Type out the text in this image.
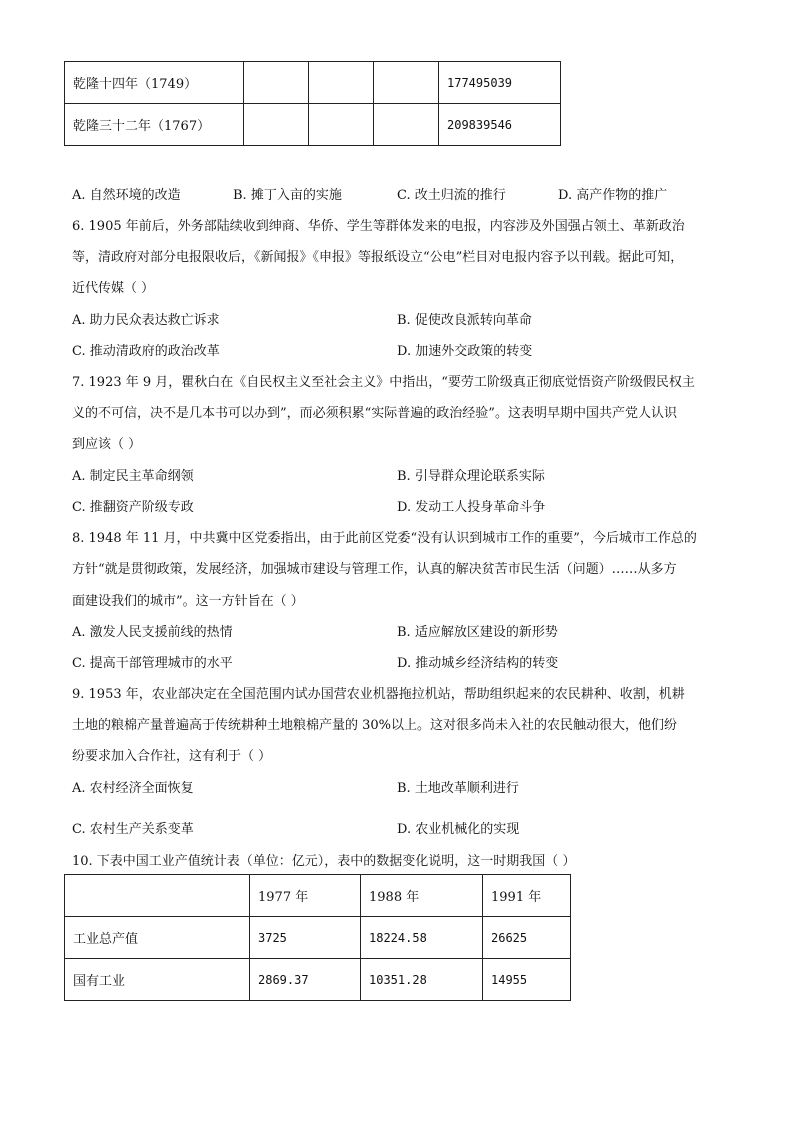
乾隆十四年（1749）				177495039
乾隆三十二年（1767）				209839546
A. 自然环境的改造	B. 摊丁入亩的实施	C. 改土归流的推行	D. 高产作物的推广
6. 1905 年前后，外务部陆续收到绅商、华侨、学生等群体发来的电报，内容涉及外国强占领土、革新政治
等，清政府对部分电报限收后，《新闻报》《申报》等报纸设立“公电”栏目对电报内容予以刊载。据此可知，
近代传媒（ ）
A. 助力民众表达救亡诉求	B. 促使改良派转向革命
C. 推动清政府的政治改革	D. 加速外交政策的转变
7. 1923 年 9 月，瞿秋白在《自民权主义至社会主义》中指出，“要劳工阶级真正彻底觉悟资产阶级假民权主
义的不可信，决不是几本书可以办到”，而必须积累“实际普遍的政治经验”。这表明早期中国共产党人认识
到应该（ ）
A. 制定民主革命纲领	B. 引导群众理论联系实际
C. 推翻资产阶级专政	D. 发动工人投身革命斗争
8. 1948 年 11 月，中共冀中区党委指出，由于此前区党委“没有认识到城市工作的重要”，今后城市工作总的
方针“就是贯彻政策，发展经济，加强城市建设与管理工作，认真的解决贫苦市民生活（问题）……从多方
面建设我们的城市”。这一方针旨在（ ）
A. 激发人民支援前线的热情	B. 适应解放区建设的新形势
C. 提高干部管理城市的水平	D. 推动城乡经济结构的转变
9. 1953 年，农业部决定在全国范围内试办国营农业机器拖拉机站，帮助组织起来的农民耕种、收割，机耕
土地的粮棉产量普遍高于传统耕种土地粮棉产量的 30%以上。这对很多尚未入社的农民触动很大，他们纷
纷要求加入合作社，这有利于（ ）
A. 农村经济全面恢复	B. 土地改革顺利进行
C. 农村生产关系变革	D. 农业机械化的实现
10. 下表中国工业产值统计表（单位：亿元），表中的数据变化说明，这一时期我国（ ）
	1977 年	1988 年	1991 年
工业总产值	3725	18224.58	26625
国有工业	2869.37	10351.28	14955
